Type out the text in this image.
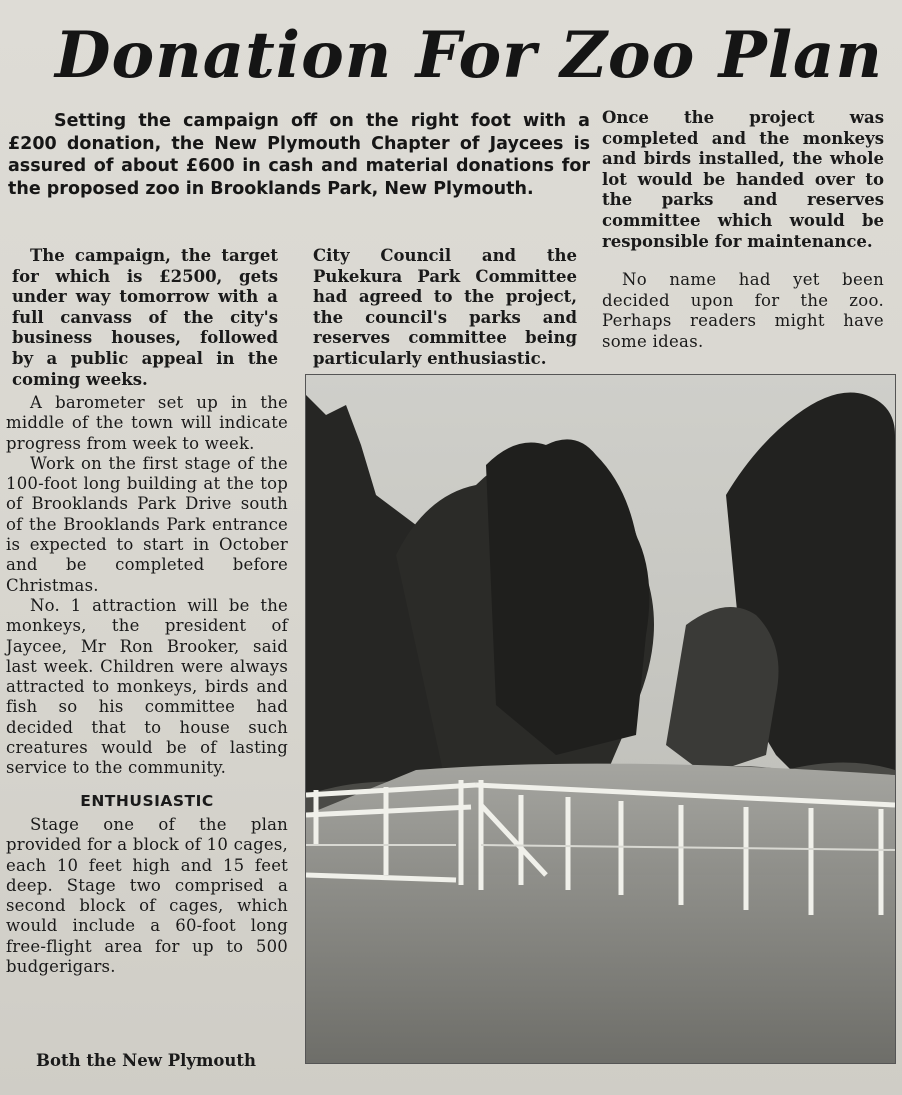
Donation For Zoo Plan

Setting the campaign off on the right foot with a £200 donation, the New Plymouth Chapter of Jaycees is assured of about £600 in cash and material donations for the proposed zoo in Brooklands Park, New Plymouth.

The campaign, the target for which is £2500, gets under way tomorrow with a full canvass of the city's business houses, followed by a public appeal in the coming weeks.

City Council and the Pukekura Park Committee had agreed to the project, the council's parks and reserves committee being particularly enthusiastic.

Once the project was completed and the monkeys and birds installed, the whole lot would be handed over to the parks and reserves committee which would be responsible for maintenance.

No name had yet been decided upon for the zoo. Perhaps readers might have some ideas.

A barometer set up in the middle of the town will indicate progress from week to week.

Work on the first stage of the 100-foot long building at the top of Brooklands Park Drive south of the Brooklands Park entrance is expected to start in October and be completed before Christmas.

No. 1 attraction will be the monkeys, the president of Jaycee, Mr Ron Brooker, said last week. Children were always attracted to monkeys, birds and fish so his committee had decided that to house such creatures would be of lasting service to the community.

ENTHUSIASTIC

Stage one of the plan provided for a block of 10 cages, each 10 feet high and 15 feet deep. Stage two comprised a second block of cages, which would include a 60-foot long free-flight area for up to 500 budgerigars.

Both the New Plymouth
